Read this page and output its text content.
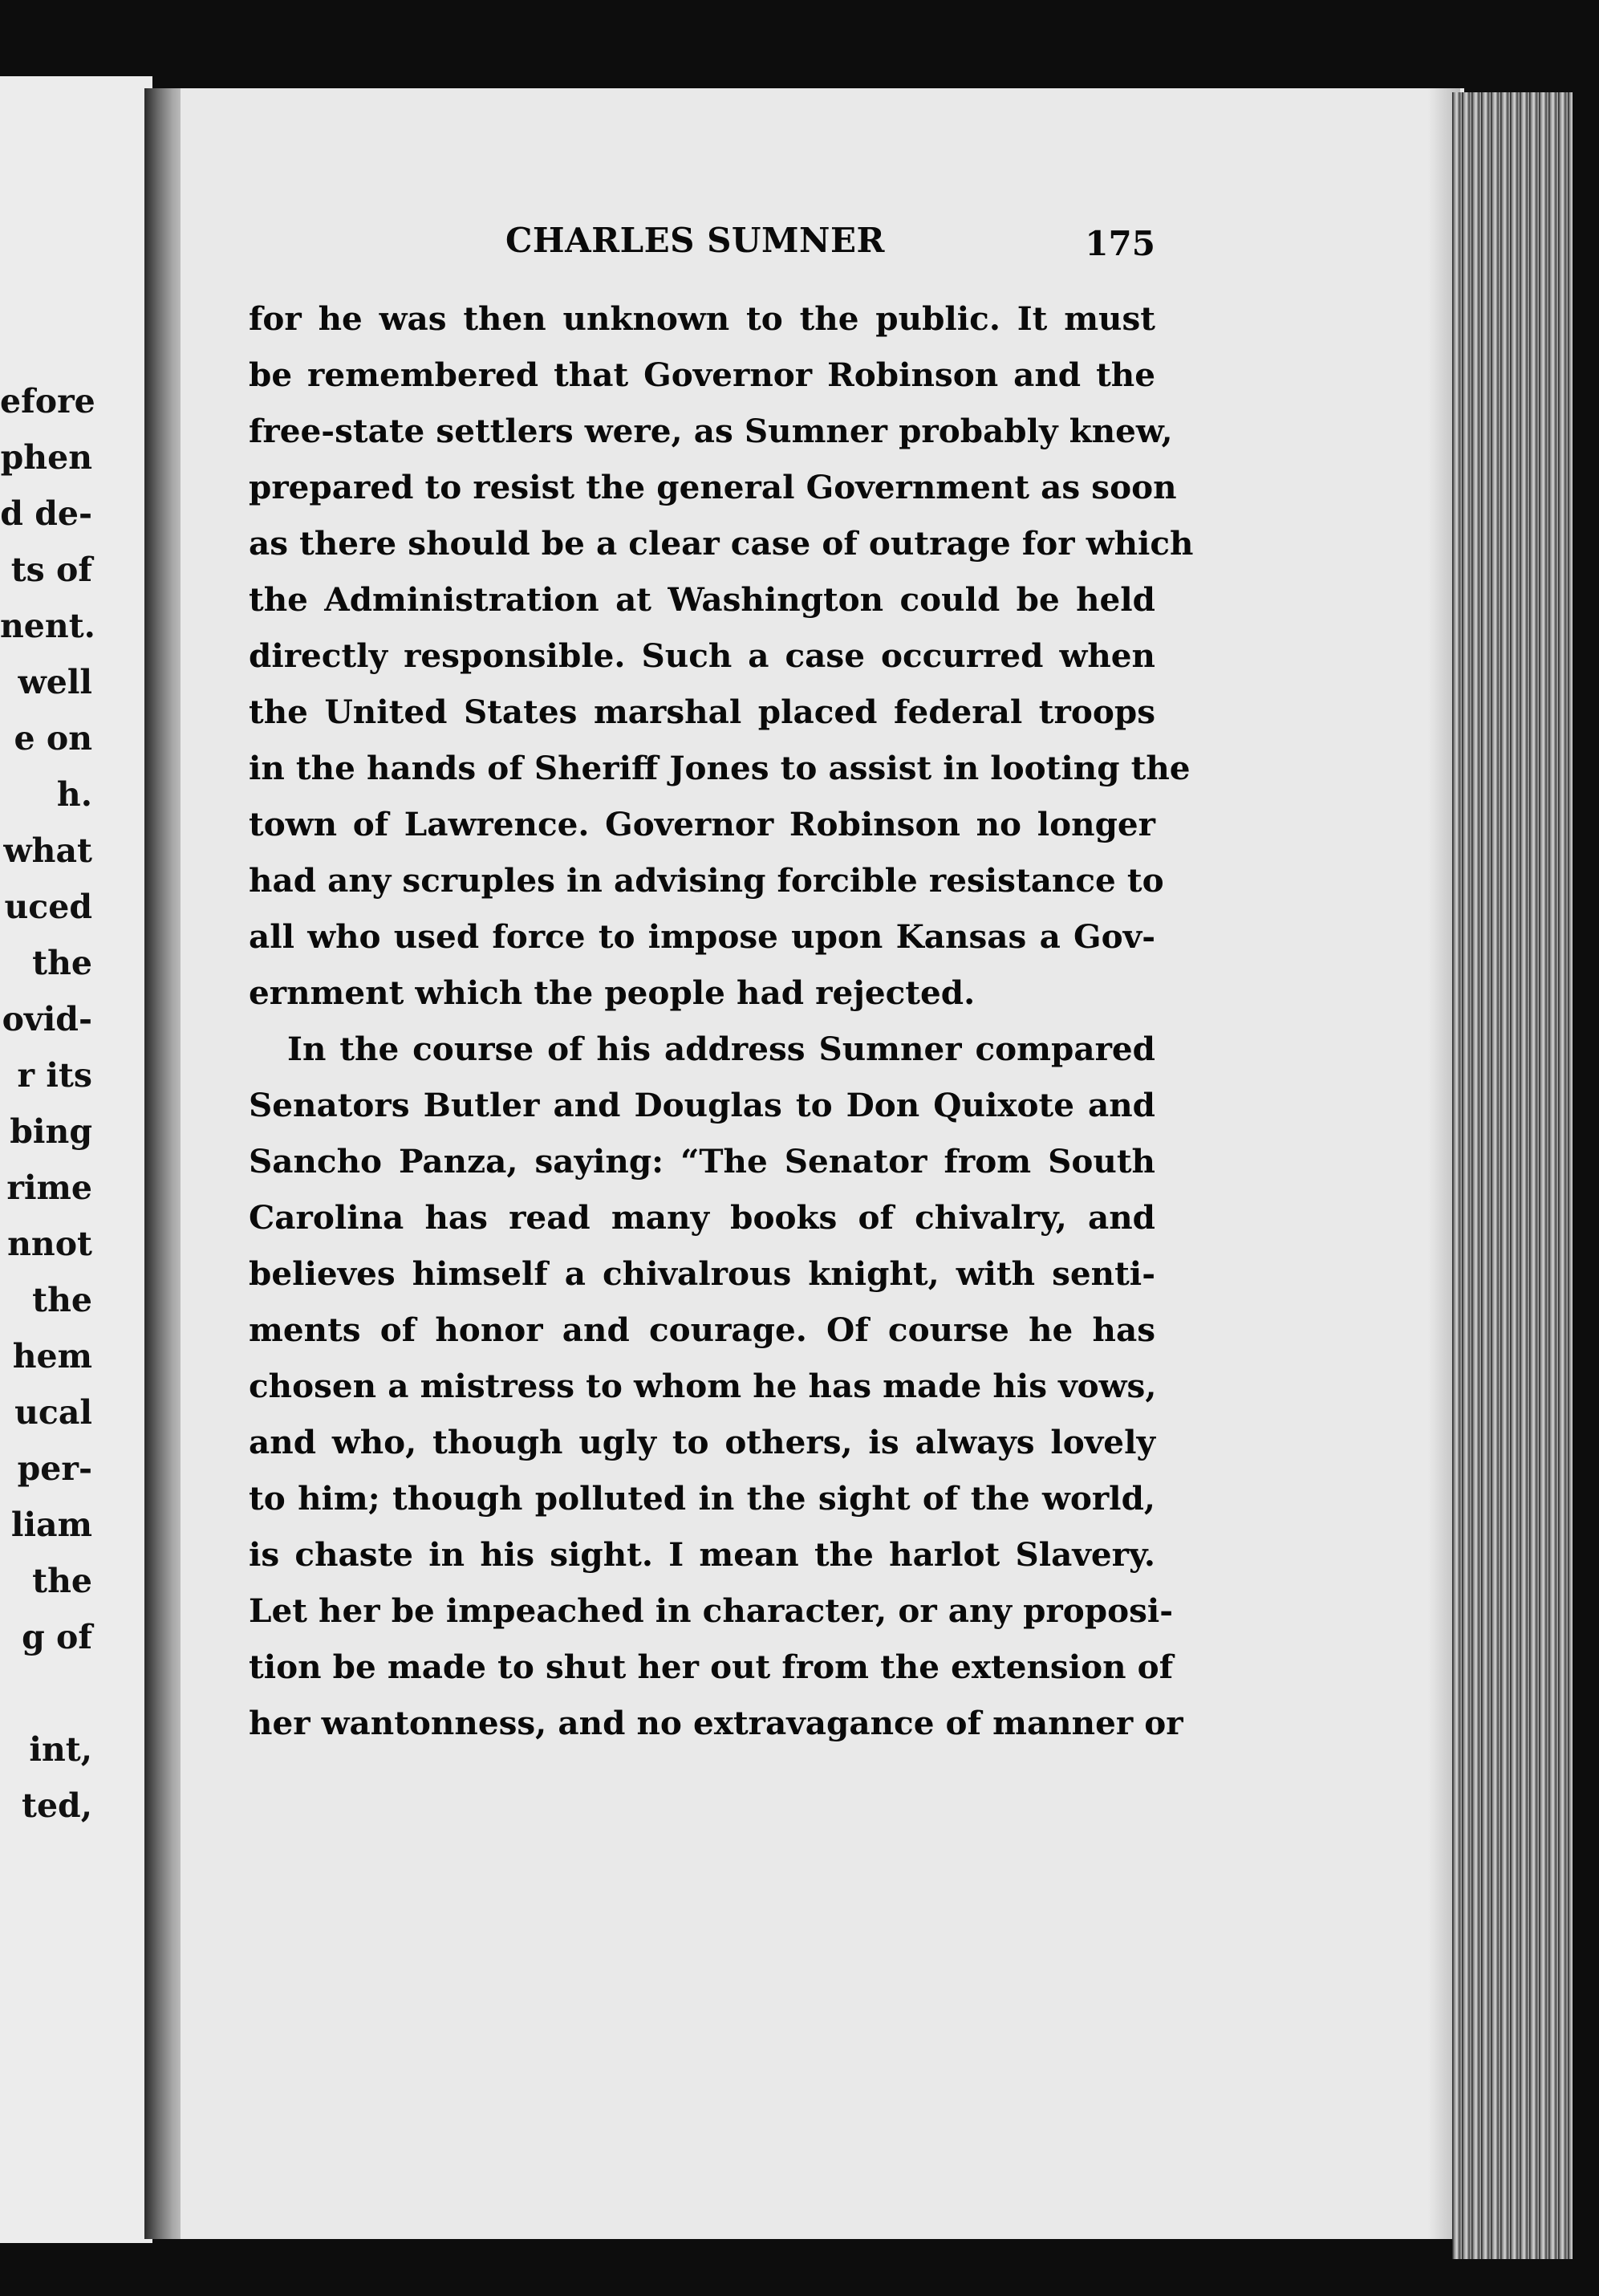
efore
phen
d de-
ts of
nent.
well
e on
h.
what
uced
the
ovid-
r its
bing
rime
nnot
the
hem
ucal
per-
liam
the
g of
int,
ted,
CHARLES SUMNER	175
for he was then unknown to the public. It must
be remembered that Governor Robinson and the
free-state settlers were, as Sumner probably knew,
prepared to resist the general Government as soon
as there should be a clear case of outrage for which
the Administration at Washington could be held
directly responsible. Such a case occurred when
the United States marshal placed federal troops
in the hands of Sheriff Jones to assist in looting the
town of Lawrence. Governor Robinson no longer
had any scruples in advising forcible resistance to
all who used force to impose upon Kansas a Gov-
ernment which the people had rejected.
In the course of his address Sumner compared
Senators Butler and Douglas to Don Quixote and
Sancho Panza, saying: “The Senator from South
Carolina has read many books of chivalry, and
believes himself a chivalrous knight, with senti-
ments of honor and courage. Of course he has
chosen a mistress to whom he has made his vows,
and who, though ugly to others, is always lovely
to him; though polluted in the sight of the world,
is chaste in his sight. I mean the harlot Slavery.
Let her be impeached in character, or any proposi-
tion be made to shut her out from the extension of
her wantonness, and no extravagance of manner or
